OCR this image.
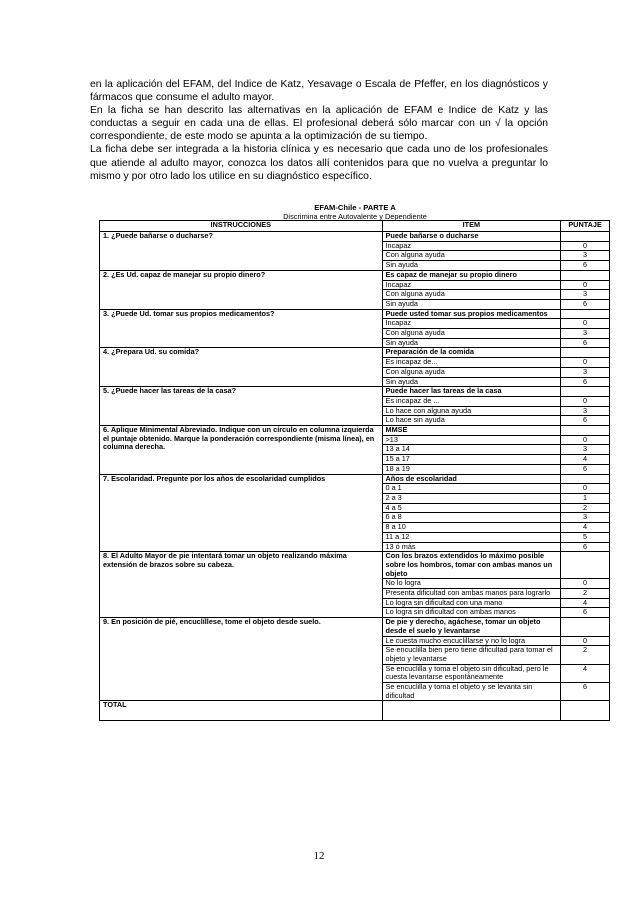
en la aplicación del EFAM, del Indice de Katz, Yesavage o Escala de Pfeffer, en los diagnósticos y fármacos que consume el adulto mayor.

En la ficha se han descrito las alternativas en la aplicación de EFAM e Indice de Katz y las conductas a seguir en cada una de ellas. El profesional deberá sólo marcar con un √ la opción correspondiente, de este modo se apunta a la optimización de su tiempo.

La ficha debe ser integrada a la historia clínica y es necesario que cada uno de los profesionales que atiende al adulto mayor, conozca los datos allí contenidos para que no vuelva a preguntar lo mismo y por otro lado los utilice en su diagnóstico específico.

EFAM-Chile - PARTE A
Discrimina entre Autovalente y Dependiente
INSTRUCCIONES	ITEM	PUNTAJE
1. ¿Puede bañarse o ducharse?	Puede bañarse o ducharse	
	Incapaz	0
	Con alguna ayuda	3
	Sin ayuda	6
2. ¿Es Ud. capaz de manejar su propio dinero?	Es capaz de manejar su propio dinero	
	Incapaz	0
	Con alguna ayuda	3
	Sin ayuda	6
3. ¿Puede Ud. tomar sus propios medicamentos?	Puede usted tomar sus propios medicamentos	
	Incapaz	0
	Con alguna ayuda	3
	Sin ayuda	6
4. ¿Prepara Ud. su comida?	Preparación de la comida	
	Es incapaz de...	0
	Con alguna ayuda	3
	Sin ayuda	6
5. ¿Puede hacer las tareas de la casa?	Puede hacer las tareas de la casa	
	Es incapaz de ...	0
	Lo hace con alguna ayuda	3
	Lo hace sin ayuda	6
6. Aplique Minimental Abreviado. Indique con un círculo en columna izquierda el puntaje obtenido. Marque la ponderación correspondiente (misma línea), en columna derecha.	MMSE	
	>13	0
	13 a 14	3
	15 a 17	4
	18 a 19	6
7. Escolaridad. Pregunte por los años de escolaridad cumplidos	Años de escolaridad	
	0 a 1	0
	2 a 3	1
	4 a 5	2
	6 a 8	3
	8 a 10	4
	11 a 12	5
	13 ó más	6
8. El Adulto Mayor de pie intentará tomar un objeto realizando máxima extensión de brazos sobre su cabeza.	Con los brazos extendidos lo máximo posible sobre los hombros, tomar con ambas manos un objeto	
	No lo logra	0
	Presenta dificultad con ambas manos para lograrlo	2
	Lo logra sin dificultad con una mano	4
	Lo logra sin dificultad con ambas manos	6
9. En posición de pié, encuclíllese, tome el objeto desde suelo.	De pie y derecho, agáchese, tomar un objeto desde el suelo y levantarse	
	Le cuesta mucho encuclillarse y no lo logra	0
	Se encuclilla bien pero tiene dificultad para tomar el objeto y levantarse	2
	Se encuclilla y toma el objeto sin dificultad, pero le cuesta levantarse espontáneamente	4
	Se encuclilla y toma el objeto y se levanta sin dificultad	6
TOTAL		
12
